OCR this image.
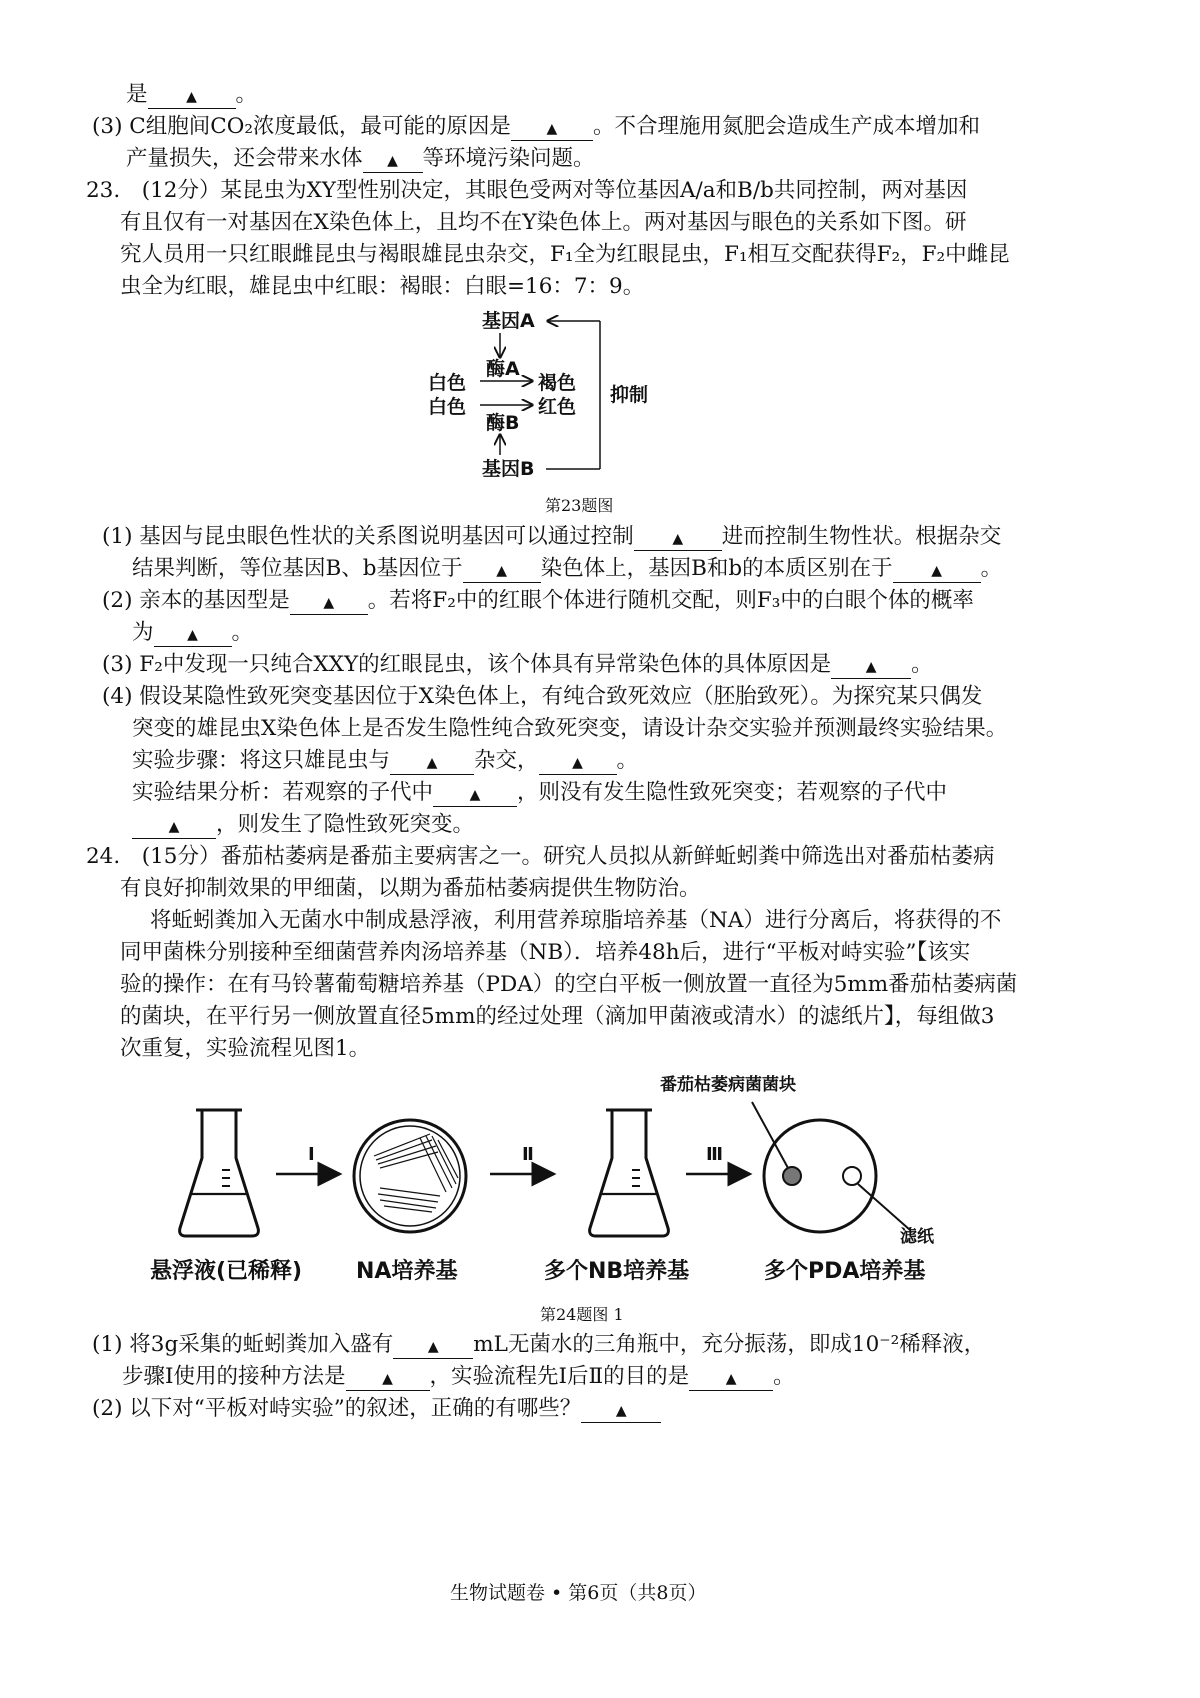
是	▲ 。
(3) C组胞间CO₂浓度最低，最可能的原因是	▲ 。不合理施用氮肥会造成生产成本增加和
产量损失，还会带来水体 ▲ 等环境污染问题。
23.　(12分）某昆虫为XY型性别决定，其眼色受两对等位基因A/a和B/b共同控制，两对基因
有且仅有一对基因在X染色体上，且均不在Y染色体上。两对基因与眼色的关系如下图。研
究人员用一只红眼雌昆虫与褐眼雄昆虫杂交，F₁全为红眼昆虫，F₁相互交配获得F₂，F₂中雌昆
虫全为红眼，雄昆虫中红眼：褐眼：白眼=16：7：9。
基因A
酶A
白色	褐色
白色	红色
酶B
基因B
抑制
第23题图
(1) 基因与昆虫眼色性状的关系图说明基因可以通过控制	▲ 进而控制生物性状。根据杂交
结果判断，等位基因B、b基因位于 ▲ 染色体上，基因B和b的本质区别在于	▲ 。
(2) 亲本的基因型是 ▲ 。若将F₂中的红眼个体进行随机交配，则F₃中的白眼个体的概率
为 ▲ 。
(3) F₂中发现一只纯合XXY的红眼昆虫，该个体具有异常染色体的具体原因是 ▲ 。
(4) 假设某隐性致死突变基因位于X染色体上，有纯合致死效应（胚胎致死）。为探究某只偶发
突变的雄昆虫X染色体上是否发生隐性纯合致死突变，请设计杂交实验并预测最终实验结果。
实验步骤：将这只雄昆虫与	▲ 杂交， ▲ 。
实验结果分析：若观察的子代中	▲ ，则没有发生隐性致死突变；若观察的子代中
▲ ，则发生了隐性致死突变。
24.　(15分）番茄枯萎病是番茄主要病害之一。研究人员拟从新鲜蚯蚓粪中筛选出对番茄枯萎病
有良好抑制效果的甲细菌，以期为番茄枯萎病提供生物防治。
将蚯蚓粪加入无菌水中制成悬浮液，利用营养琼脂培养基（NA）进行分离后，将获得的不
同甲菌株分别接种至细菌营养肉汤培养基（NB）．培养48h后，进行“平板对峙实验”【该实
验的操作：在有马铃薯葡萄糖培养基（PDA）的空白平板一侧放置一直径为5mm番茄枯萎病菌
的菌块，在平行另一侧放置直径5mm的经过处理（滴加甲菌液或清水）的滤纸片】，每组做3
次重复，实验流程见图1。
I	Ⅱ	Ⅲ
番茄枯萎病菌菌块
滤纸
悬浮液(已稀释) NA培养基	多个NB培养基	多个PDA培养基
第24题图 1
(1) 将3g采集的蚯蚓粪加入盛有 ▲ mL无菌水的三角瓶中，充分振荡，即成10⁻²稀释液，
步骤I使用的接种方法是	▲ ，实验流程先I后Ⅱ的目的是	▲ 。
(2) 以下对“平板对峙实验”的叙述，正确的有哪些？ ▲
生物试题卷 • 第6页（共8页）
